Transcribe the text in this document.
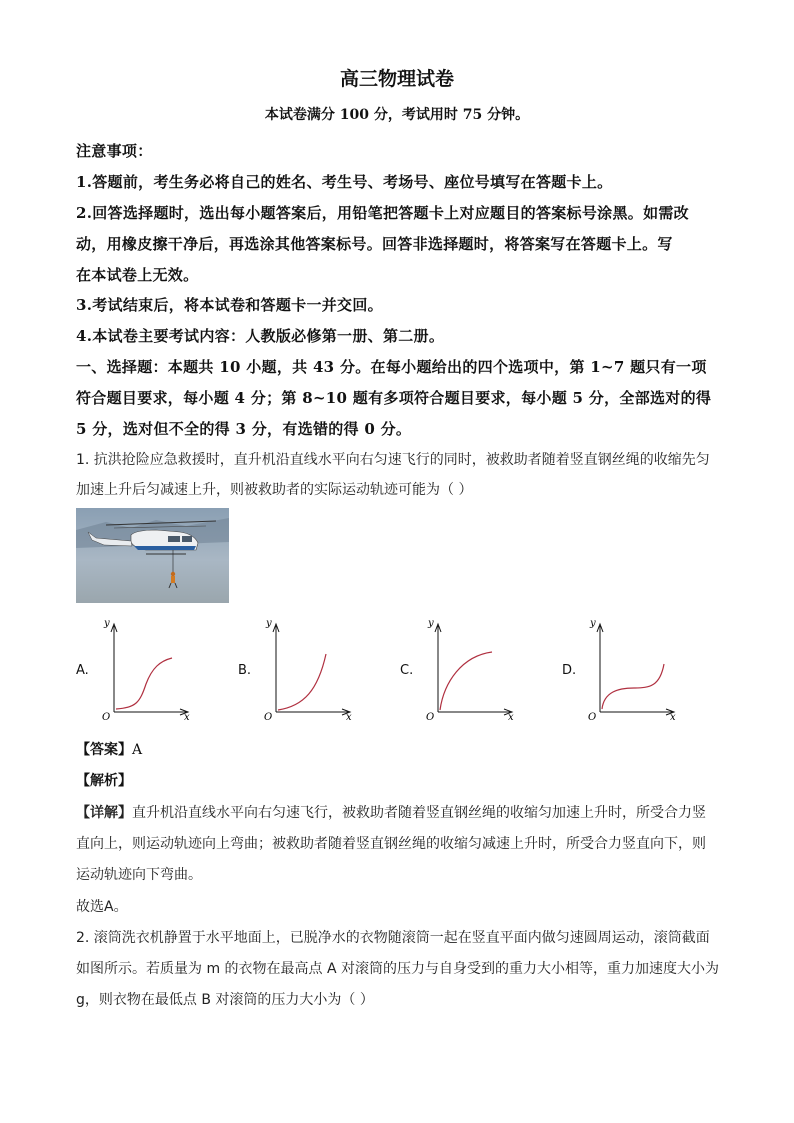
高三物理试卷
本试卷满分 100 分，考试用时 75 分钟。
注意事项：
1.答题前，考生务必将自己的姓名、考生号、考场号、座位号填写在答题卡上。
2.回答选择题时，选出每小题答案后，用铅笔把答题卡上对应题目的答案标号涂黑。如需改
动，用橡皮擦干净后，再选涂其他答案标号。回答非选择题时，将答案写在答题卡上。写
在本试卷上无效。
3.考试结束后，将本试卷和答题卡一并交回。
4.本试卷主要考试内容：人教版必修第一册、第二册。
一、选择题：本题共 10 小题，共 43 分。在每小题给出的四个选项中，第 1~7 题只有一项
符合题目要求，每小题 4 分；第 8~10 题有多项符合题目要求，每小题 5 分，全部选对的得
5 分，选对但不全的得 3 分，有选错的得 0 分。
1. 抗洪抢险应急救援时，直升机沿直线水平向右匀速飞行的同时，被救助者随着竖直钢丝绳的收缩先匀
加速上升后匀减速上升，则被救助者的实际运动轨迹可能为（ ）
A.	B.	C.	D.
y
x
O
y
x
O
y
x
O
y
x
O
【答案】A
【解析】
【详解】直升机沿直线水平向右匀速飞行，被救助者随着竖直钢丝绳的收缩匀加速上升时，所受合力竖
直向上，则运动轨迹向上弯曲；被救助者随着竖直钢丝绳的收缩匀减速上升时，所受合力竖直向下，则
运动轨迹向下弯曲。
故选A。
2. 滚筒洗衣机静置于水平地面上，已脱净水的衣物随滚筒一起在竖直平面内做匀速圆周运动，滚筒截面
如图所示。若质量为 m 的衣物在最高点 A 对滚筒的压力与自身受到的重力大小相等，重力加速度大小为
g，则衣物在最低点 B 对滚筒的压力大小为（ ）
